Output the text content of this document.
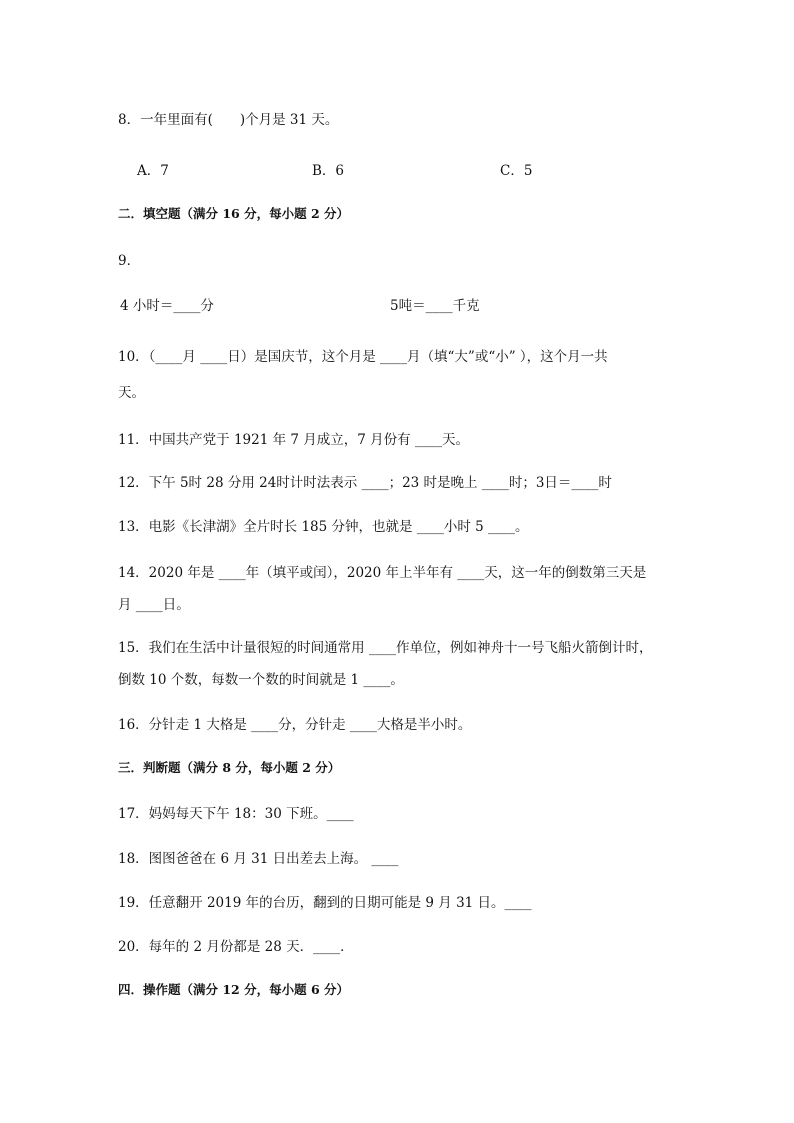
8．一年里面有(　　)个月是 31 天。
A．7	B．6	C．5
二．填空题（满分 16 分，每小题 2 分）
9．
4 小时＝____分	5吨＝____千克
10．（____月 ____日）是国庆节，这个月是 ____月（填“大”或“小” ），这个月一共
天。
11．中国共产党于 1921 年 7 月成立，7 月份有 ____天。
12．下午 5时 28 分用 24时计时法表示 ____；23 时是晚上 ____时；3日＝____时
13．电影《长津湖》全片时长 185 分钟，也就是 ____小时 5 ____。
14．2020 年是 ____年（填平或闰），2020 年上半年有 ____天，这一年的倒数第三天是
月 ____日。
15．我们在生活中计量很短的时间通常用 ____作单位，例如神舟十一号飞船火箭倒计时，
倒数 10 个数，每数一个数的时间就是 1 ____。
16．分针走 1 大格是 ____分，分针走 ____大格是半小时。
三．判断题（满分 8 分，每小题 2 分）
17．妈妈每天下午 18：30 下班。____
18．图图爸爸在 6 月 31 日出差去上海。 ____
19．任意翻开 2019 年的台历，翻到的日期可能是 9 月 31 日。____
20．每年的 2 月份都是 28 天．____．
四．操作题（满分 12 分，每小题 6 分）
